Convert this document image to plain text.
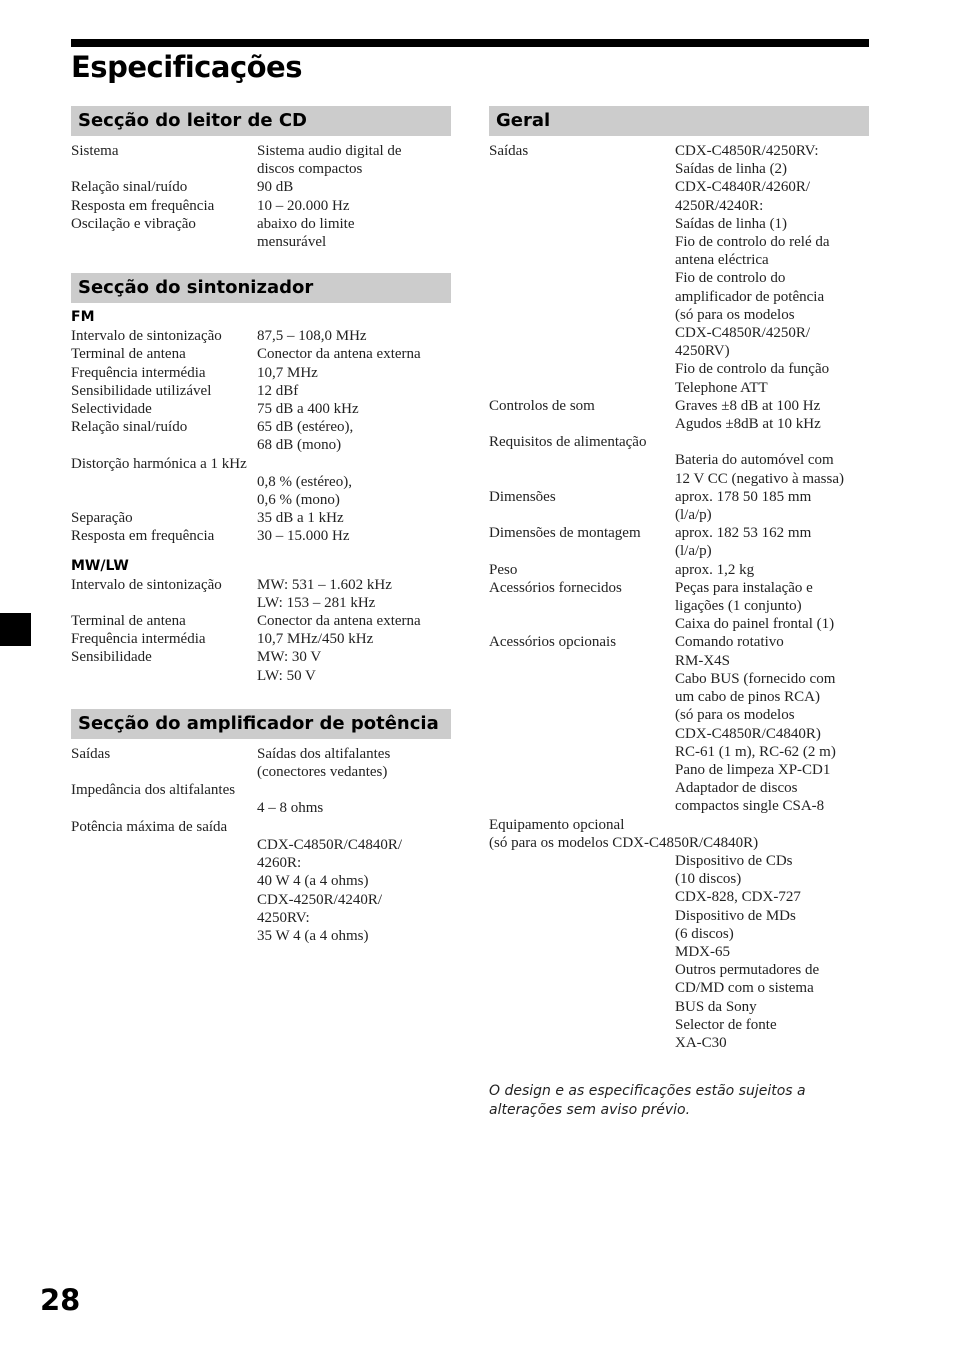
Especificações
Secção do leitor de CD
Sistema	Sistema audio digital de
discos compactos
Relação sinal/ruído	90 dB
Resposta em frequência	10 – 20.000 Hz
Oscilação e vibração	abaixo do limite
mensurável
Secção do sintonizador
FM
Intervalo de sintonização	87,5 – 108,0 MHz
Terminal de antena	Conector da antena externa
Frequência intermédia	10,7 MHz
Sensibilidade utilizável	12 dBf
Selectividade	75 dB a 400 kHz
Relação sinal/ruído	65 dB (estéreo),
68 dB (mono)
Distorção harmónica a 1 kHz
0,8 % (estéreo),
0,6 % (mono)
Separação	35 dB a 1 kHz
Resposta em frequência	30 – 15.000 Hz
MW/LW
Intervalo de sintonização	MW: 531 – 1.602 kHz
LW: 153 – 281 kHz
Terminal de antena	Conector da antena externa
Frequência intermédia	10,7 MHz/450 kHz
Sensibilidade	MW: 30 V
LW: 50 V
Secção do amplificador de potência
Saídas	Saídas dos altifalantes
(conectores vedantes)
Impedância dos altifalantes
4 – 8 ohms
Potência máxima de saída
CDX-C4850R/C4840R/
4260R:
40 W 4 (a 4 ohms)
CDX-4250R/4240R/
4250RV:
35 W 4 (a 4 ohms)
Geral
Saídas	CDX-C4850R/4250RV:
Saídas de linha (2)
CDX-C4840R/4260R/
4250R/4240R:
Saídas de linha (1)
Fio de controlo do relé da
antena eléctrica
Fio de controlo do
amplificador de potência
(só para os modelos
CDX-C4850R/4250R/
4250RV)
Fio de controlo da função
Telephone ATT
Controlos de som	Graves ±8 dB at 100 Hz
Agudos ±8dB at 10 kHz
Requisitos de alimentação
Bateria do automóvel com
12 V CC (negativo à massa)
Dimensões	aprox. 178 50 185 mm
(l/a/p)
Dimensões de montagem	aprox. 182 53 162 mm
(l/a/p)
Peso	aprox. 1,2 kg
Acessórios fornecidos	Peças para instalação e
ligações (1 conjunto)
Caixa do painel frontal (1)
Acessórios opcionais	Comando rotativo
RM-X4S
Cabo BUS (fornecido com
um cabo de pinos RCA)
(só para os modelos
CDX-C4850R/C4840R)
RC-61 (1 m), RC-62 (2 m)
Pano de limpeza XP-CD1
Adaptador de discos
compactos single CSA-8
Equipamento opcional
(só para os modelos CDX-C4850R/C4840R)
Dispositivo de CDs
(10 discos)
CDX-828, CDX-727
Dispositivo de MDs
(6 discos)
MDX-65
Outros permutadores de
CD/MD com o sistema
BUS da Sony
Selector de fonte
XA-C30
O design e as especificações estão sujeitos a alterações sem aviso prévio.
28
